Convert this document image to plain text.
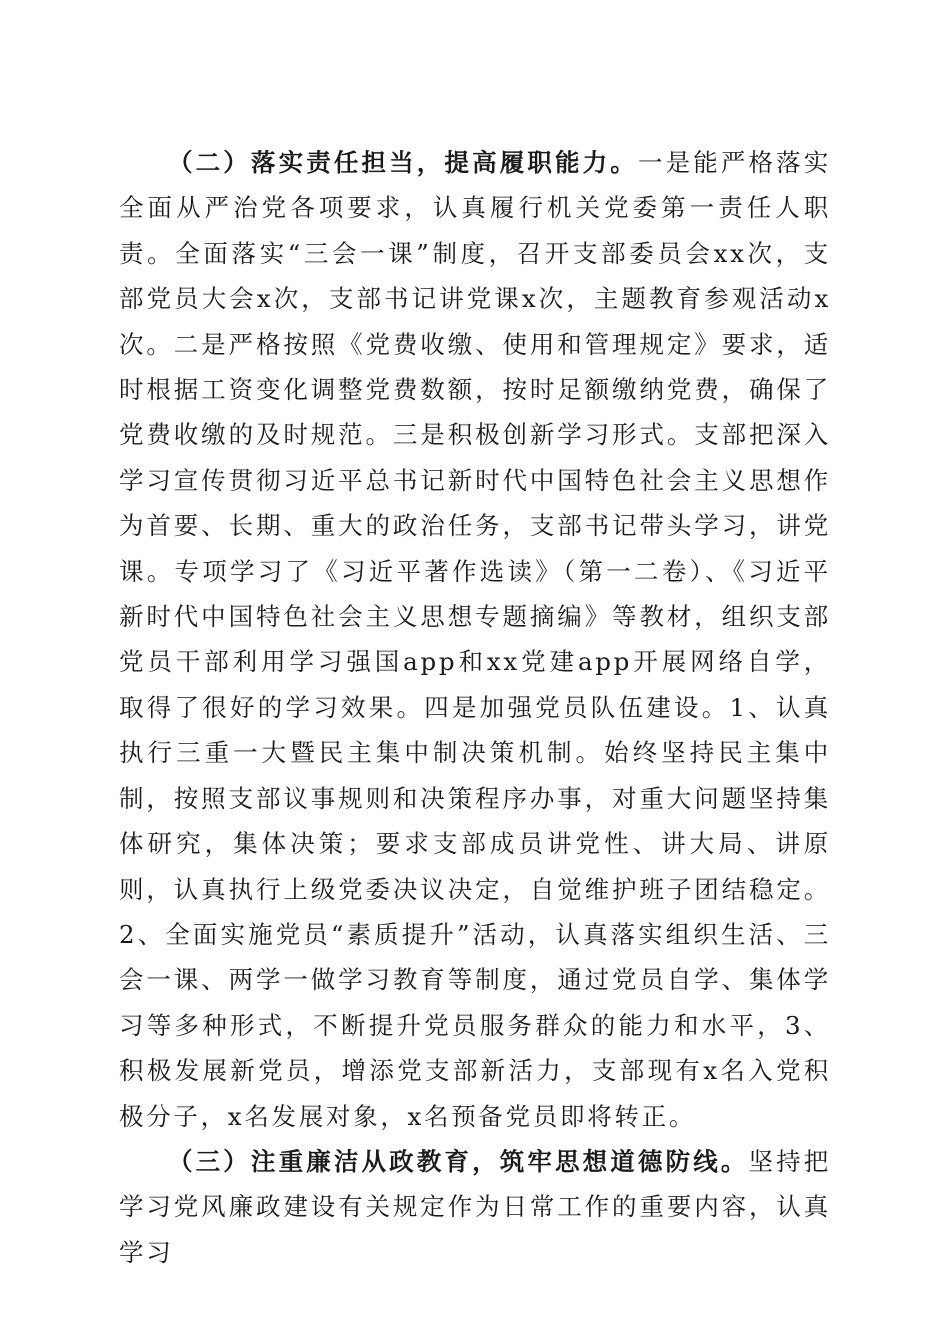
（二）落实责任担当，提高履职能力。一是能严格落实全面从严治党各项要求，认真履行机关党委第一责任人职责。全面落实“三会一课”制度，召开支部委员会xx次，支部党员大会x次，支部书记讲党课x次，主题教育参观活动x次。二是严格按照《党费收缴、使用和管理规定》要求，适时根据工资变化调整党费数额，按时足额缴纳党费，确保了党费收缴的及时规范。三是积极创新学习形式。支部把深入学习宣传贯彻习近平总书记新时代中国特色社会主义思想作为首要、长期、重大的政治任务，支部书记带头学习，讲党课。专项学习了《习近平著作选读》（第一二卷）、《习近平新时代中国特色社会主义思想专题摘编》等教材，组织支部党员干部利用学习强国app和xx党建app开展网络自学，取得了很好的学习效果。四是加强党员队伍建设。1、认真执行三重一大暨民主集中制决策机制。始终坚持民主集中制，按照支部议事规则和决策程序办事，对重大问题坚持集体研究，集体决策；要求支部成员讲党性、讲大局、讲原则，认真执行上级党委决议决定，自觉维护班子团结稳定。2、全面实施党员“素质提升”活动，认真落实组织生活、三会一课、两学一做学习教育等制度，通过党员自学、集体学习等多种形式，不断提升党员服务群众的能力和水平，3、积极发展新党员，增添党支部新活力，支部现有x名入党积极分子，x名发展对象，x名预备党员即将转正。

（三）注重廉洁从政教育，筑牢思想道德防线。坚持把学习党风廉政建设有关规定作为日常工作的重要内容，认真学习
